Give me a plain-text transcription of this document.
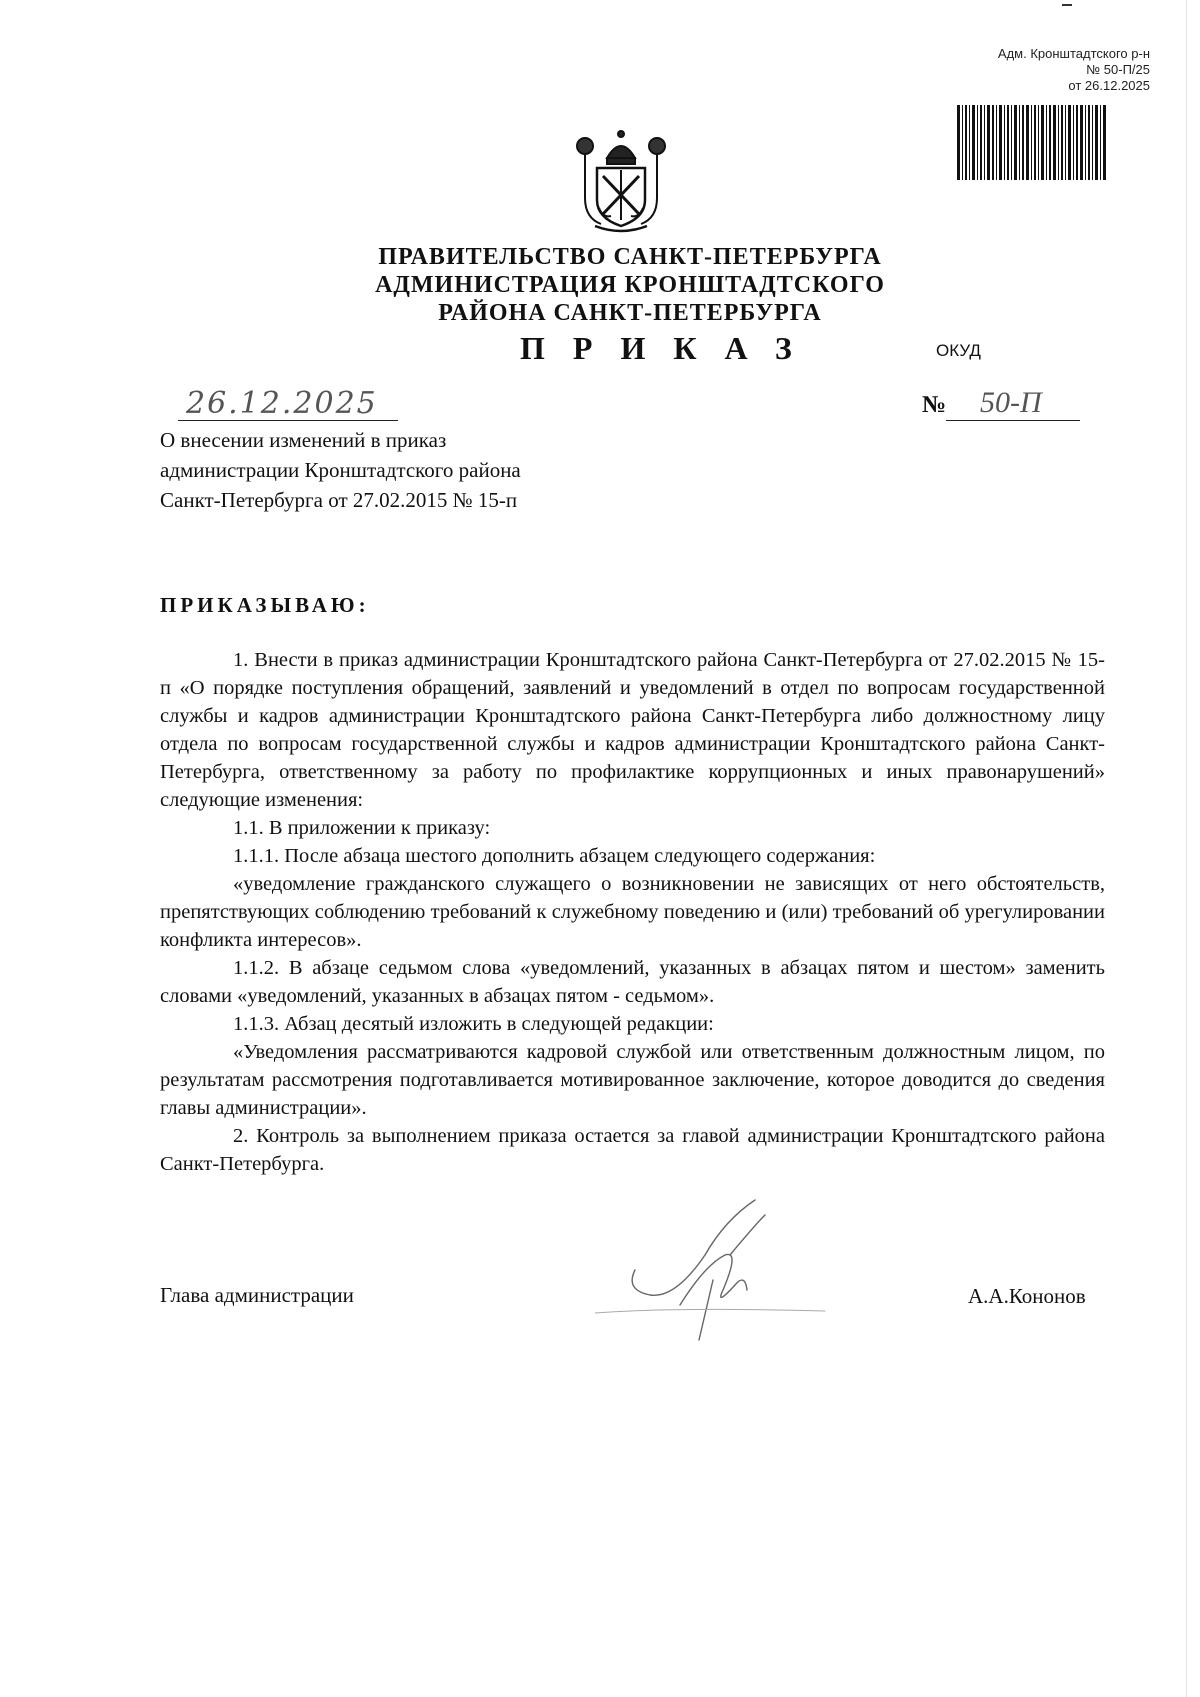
Адм. Кронштадтского р-н
№ 50-П/25
от 26.12.2025
ПРАВИТЕЛЬСТВО САНКТ-ПЕТЕРБУРГА
АДМИНИСТРАЦИЯ КРОНШТАДТСКОГО
РАЙОНА САНКТ-ПЕТЕРБУРГА
ПРИКАЗ	ОКУД
26.12.2025	№ 50-П
О внесении изменений в приказ
администрации Кронштадтского района
Санкт-Петербурга от 27.02.2015 № 15-п
ПРИКАЗЫВАЮ:

1. Внести в приказ администрации Кронштадтского района Санкт-Петербурга от 27.02.2015 № 15-п «О порядке поступления обращений, заявлений и уведомлений в отдел по вопросам государственной службы и кадров администрации Кронштадтского района Санкт-Петербурга либо должностному лицу отдела по вопросам государственной службы и кадров администрации Кронштадтского района Санкт-Петербурга, ответственному за работу по профилактике коррупционных и иных правонарушений» следующие изменения:

1.1. В приложении к приказу:

1.1.1. После абзаца шестого дополнить абзацем следующего содержания:

«уведомление гражданского служащего о возникновении не зависящих от него обстоятельств, препятствующих соблюдению требований к служебному поведению и (или) требований об урегулировании конфликта интересов».

1.1.2. В абзаце седьмом слова «уведомлений, указанных в абзацах пятом и шестом» заменить словами «уведомлений, указанных в абзацах пятом - седьмом».

1.1.3. Абзац десятый изложить в следующей редакции:

«Уведомления рассматриваются кадровой службой или ответственным должностным лицом, по результатам рассмотрения подготавливается мотивированное заключение, которое доводится до сведения главы администрации».

2. Контроль за выполнением приказа остается за главой администрации Кронштадтского района Санкт-Петербурга.

Глава администрации	А.А.Кононов
